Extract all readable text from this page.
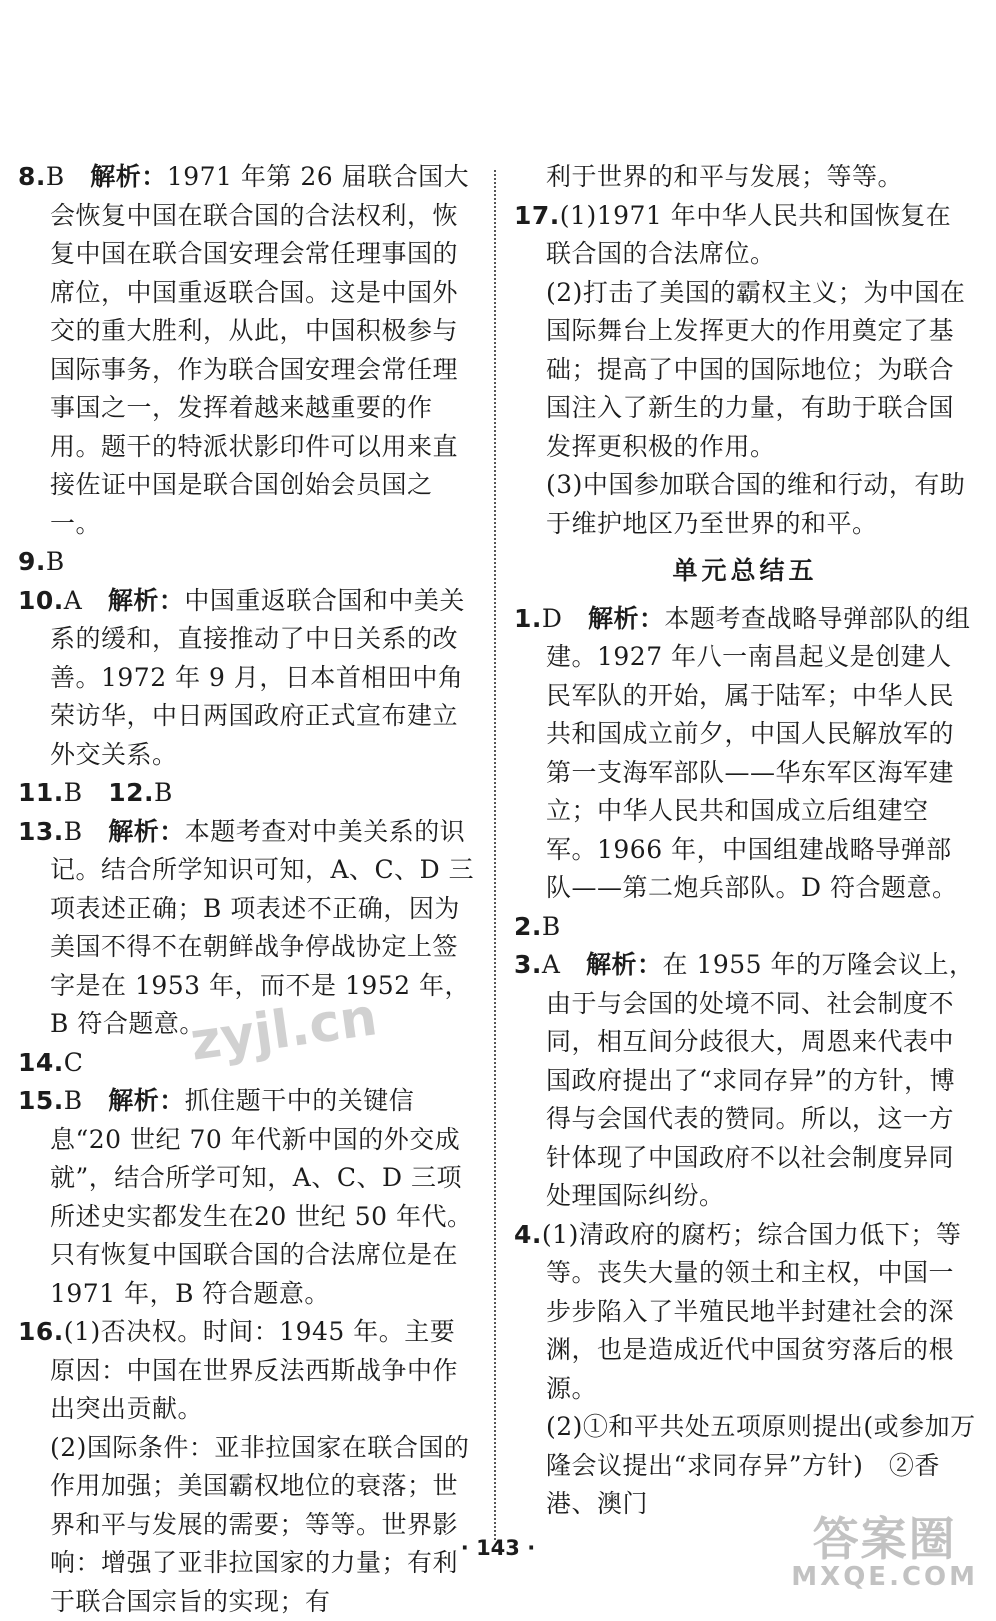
8.B　 解析：1971 年第 26 届联合国大会恢复中国在联合国的合法权利，恢复中国在联合国安理会常任理事国的席位，中国重返联合国。这是中国外交的重大胜利，从此，中国积极参与国际事务，作为联合国安理会常任理事国之一，发挥着越来越重要的作用。题干的特派状影印件可以用来直接佐证中国是联合国创始会员国之一。

9.B

10.A　 解析：中国重返联合国和中美关系的缓和，直接推动了中日关系的改善。1972 年 9 月，日本首相田中角荣访华，中日两国政府正式宣布建立外交关系。

11.B　 12.B

13.B　 解析：本题考查对中美关系的识记。结合所学知识可知，A、C、D 三项表述正确；B 项表述不正确，因为美国不得不在朝鲜战争停战协定上签字是在 1953 年，而不是 1952 年，B 符合题意。

14.C

15.B　 解析：抓住题干中的关键信息“20 世纪 70 年代新中国的外交成就”，结合所学可知，A、C、D 三项所述史实都发生在20 世纪 50 年代。只有恢复中国联合国的合法席位是在 1971 年，B 符合题意。

16.(1)否决权。时间：1945 年。主要原因：中国在世界反法西斯战争中作出突出贡献。

(2)国际条件：亚非拉国家在联合国的作用加强；美国霸权地位的衰落；世界和平与发展的需要；等等。世界影响：增强了亚非拉国家的力量；有利于联合国宗旨的实现；有

利于世界的和平与发展；等等。

17.(1)1971 年中华人民共和国恢复在联合国的合法席位。

(2)打击了美国的霸权主义；为中国在国际舞台上发挥更大的作用奠定了基础；提高了中国的国际地位；为联合国注入了新生的力量，有助于联合国发挥更积极的作用。

(3)中国参加联合国的维和行动，有助于维护地区乃至世界的和平。

单元总结五

1.D　 解析：本题考查战略导弹部队的组建。1927 年八一南昌起义是创建人民军队的开始，属于陆军；中华人民共和国成立前夕，中国人民解放军的第一支海军部队——华东军区海军建立；中华人民共和国成立后组建空军。1966 年，中国组建战略导弹部队——第二炮兵部队。D 符合题意。

2.B

3.A　 解析：在 1955 年的万隆会议上，由于与会国的处境不同、社会制度不同，相互间分歧很大，周恩来代表中国政府提出了“求同存异”的方针，博得与会国代表的赞同。所以，这一方针体现了中国政府不以社会制度异同处理国际纠纷。

4.(1)清政府的腐朽；综合国力低下；等等。丧失大量的领土和主权，中国一步步陷入了半殖民地半封建社会的深渊，也是造成近代中国贫穷落后的根源。

(2)①和平共处五项原则提出(或参加万隆会议提出“求同存异”方针)　②香港、澳门

· 143 ·
zyjl.cn
答案圈
MXQE.COM
